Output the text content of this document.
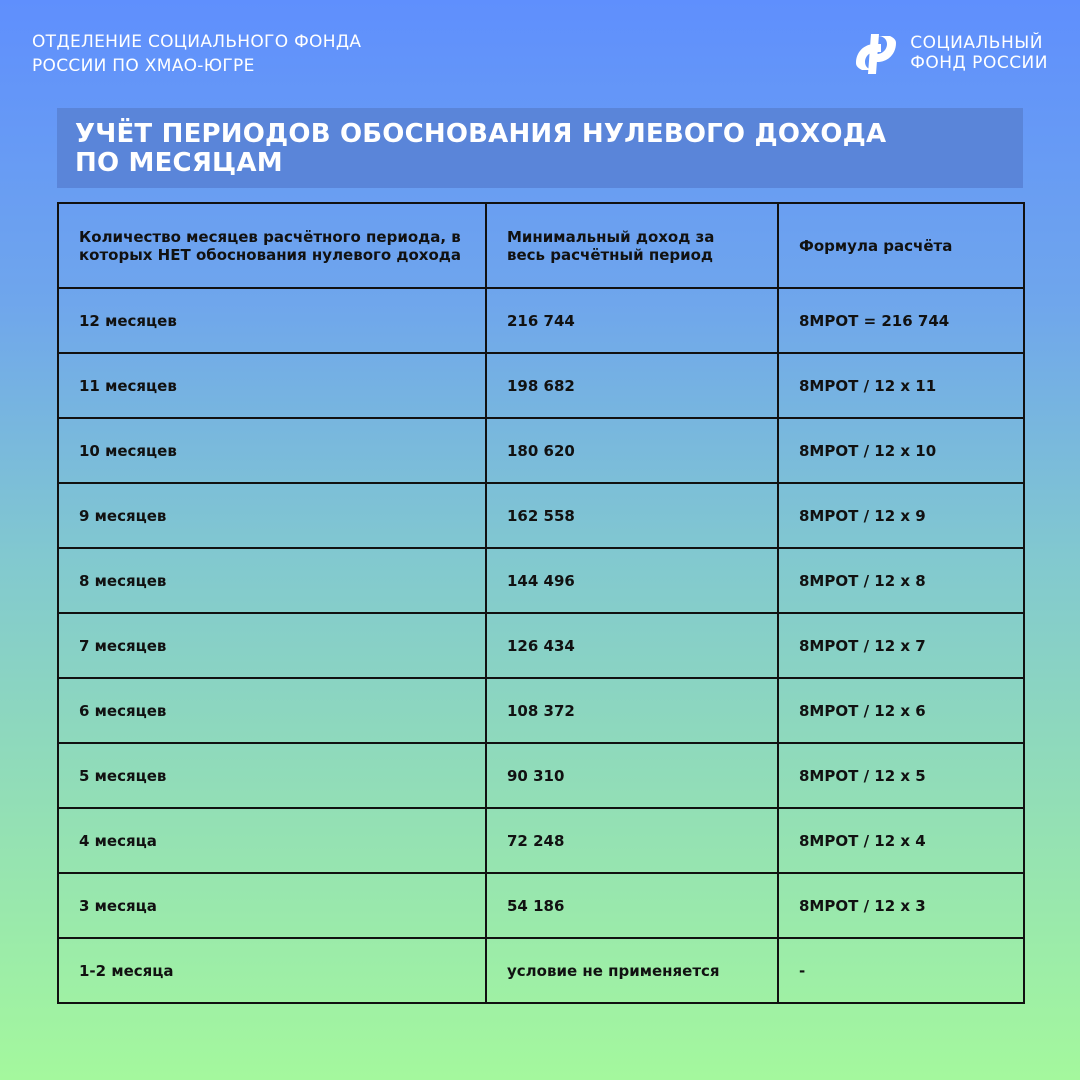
ОТДЕЛЕНИЕ СОЦИАЛЬНОГО ФОНДА
РОССИИ ПО ХМАО-ЮГРЕ
СОЦИАЛЬНЫЙ
ФОНД РОССИИ
УЧЁТ ПЕРИОДОВ ОБОСНОВАНИЯ НУЛЕВОГО ДОХОДА
ПО МЕСЯЦАМ
Количество месяцев расчётного периода, в которых НЕТ обоснования нулевого дохода	Минимальный доход за весь расчётный период	Формула расчёта
12 месяцев	216 744	8МРОТ = 216 744
11 месяцев	198 682	8МРОТ / 12 х 11
10 месяцев	180 620	8МРОТ / 12 х 10
9 месяцев	162 558	8МРОТ / 12 х 9
8 месяцев	144 496	8МРОТ / 12 х 8
7 месяцев	126 434	8МРОТ / 12 х 7
6 месяцев	108 372	8МРОТ / 12 х 6
5 месяцев	90 310	8МРОТ / 12 х 5
4 месяца	72 248	8МРОТ / 12 х 4
3 месяца	54 186	8МРОТ / 12 х 3
1-2 месяца	условие не применяется	-
